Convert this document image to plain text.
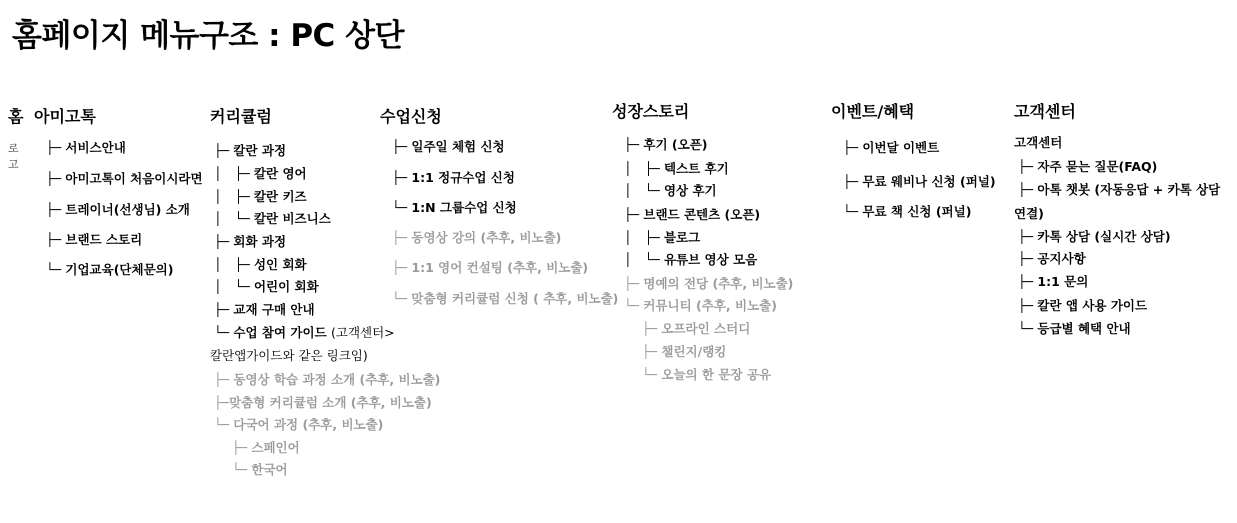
홈페이지 메뉴구조 : PC 상단
홈
로
고
아미고톡
├─ 서비스안내
├─ 아미고톡이 처음이시라면
├─ 트레이너(선생님) 소개
├─ 브랜드 스토리
└─ 기업교육(단체문의)
커리큘럼
├─ 칼란 과정
│   ├─ 칼란 영어
│   ├─ 칼란 키즈
│   └─ 칼란 비즈니스
├─ 회화 과정
│   ├─ 성인 회화
│   └─ 어린이 회화
├─ 교재 구매 안내
└─ 수업 참여 가이드 (고객센터>
칼란앱가이드와 같은 링크임)
├─ 동영상 학습 과정 소개 (추후, 비노출)
├─맞춤형 커리큘럼 소개 (추후, 비노출)
└─ 다국어 과정 (추후, 비노출)
├─ 스페인어
└─ 한국어
수업신청
├─ 일주일 체험 신청
├─ 1:1 정규수업 신청
└─ 1:N 그룹수업 신청
├─ 동영상 강의 (추후, 비노출)
├─ 1:1 영어 컨설팅 (추후, 비노출)
└─ 맞춤형 커리큘럼 신청 ( 추후, 비노출)
성장스토리
├─ 후기 (오픈)
│   ├─ 텍스트 후기
│   └─ 영상 후기
├─ 브랜드 콘텐츠 (오픈)
│   ├─ 블로그
│   └─ 유튜브 영상 모음
├─ 명예의 전당 (추후, 비노출)
└─ 커뮤니티 (추후, 비노출)
├─ 오프라인 스터디
├─ 챌린지/랭킹
└─ 오늘의 한 문장 공유
이벤트/혜택
├─ 이번달 이벤트
├─ 무료 웨비나 신청 (퍼널)
└─ 무료 책 신청 (퍼널)
고객센터
고객센터
├─ 자주 묻는 질문(FAQ)
├─ 아톡 챗봇 (자동응답 + 카톡 상담
연결)
├─ 카톡 상담 (실시간 상담)
├─ 공지사항
├─ 1:1 문의
├─ 칼란 앱 사용 가이드
└─ 등급별 혜택 안내
